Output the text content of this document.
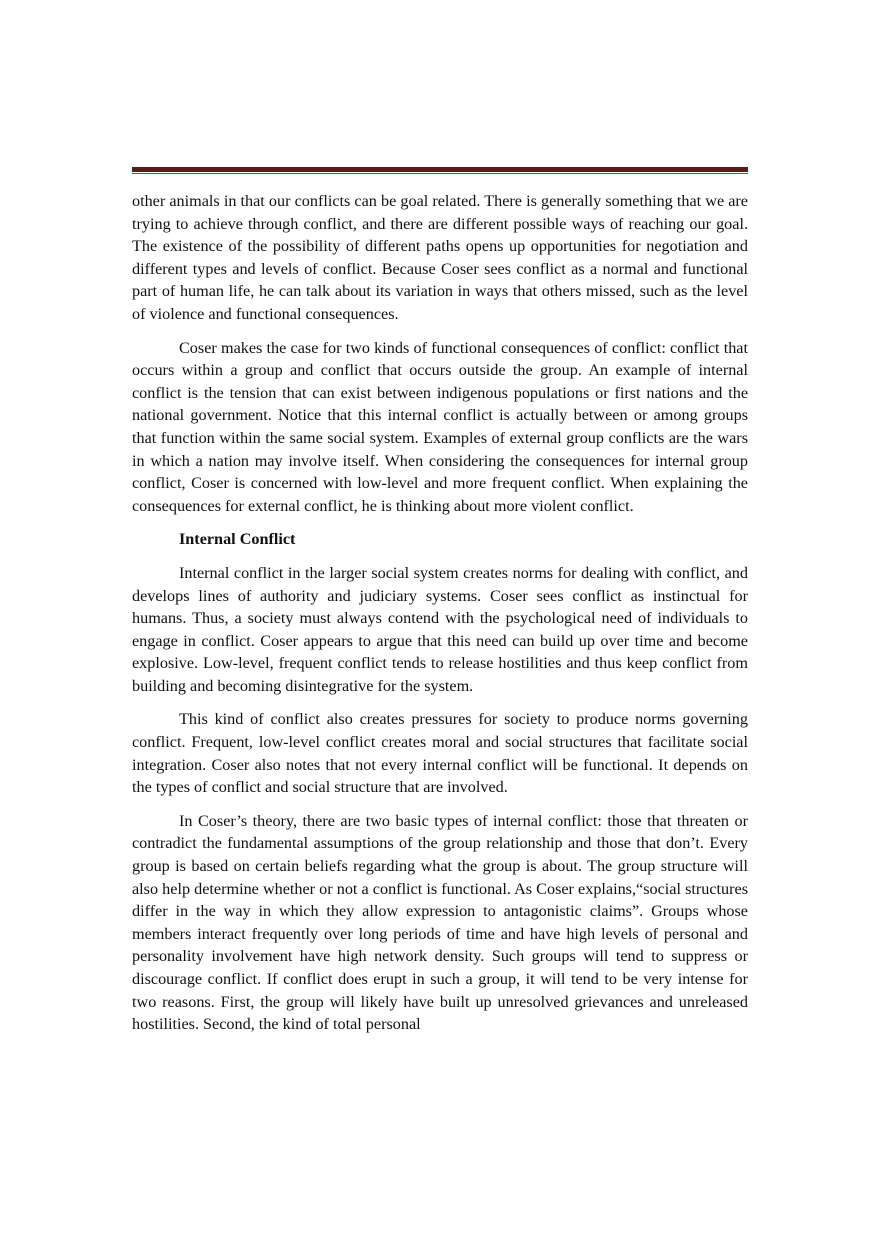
other animals in that our conflicts can be goal related. There is generally something that we are trying to achieve through conflict, and there are different possible ways of reaching our goal. The existence of the possibility of different paths opens up opportunities for negotiation and different types and levels of conflict. Because Coser sees conflict as a normal and functional part of human life, he can talk about its variation in ways that others missed, such as the level of violence and functional consequences.

Coser makes the case for two kinds of functional consequences of conflict: conflict that occurs within a group and conflict that occurs outside the group. An example of internal conflict is the tension that can exist between indigenous populations or first nations and the national government. Notice that this internal conflict is actually between or among groups that function within the same social system. Examples of external group conflicts are the wars in which a nation may involve itself. When considering the consequences for internal group conflict, Coser is concerned with low-level and more frequent conflict. When explaining the consequences for external conflict, he is thinking about more violent conflict.

Internal Conflict

Internal conflict in the larger social system creates norms for dealing with conflict, and develops lines of authority and judiciary systems. Coser sees conflict as instinctual for humans. Thus, a society must always contend with the psychological need of individuals to engage in conflict. Coser appears to argue that this need can build up over time and become explosive. Low-level, frequent conflict tends to release hostilities and thus keep conflict from building and becoming disintegrative for the system.

This kind of conflict also creates pressures for society to produce norms governing conflict. Frequent, low-level conflict creates moral and social structures that facilitate social integration. Coser also notes that not every internal conflict will be functional. It depends on the types of conflict and social structure that are involved.

In Coser’s theory, there are two basic types of internal conflict: those that threaten or contradict the fundamental assumptions of the group relationship and those that don’t. Every group is based on certain beliefs regarding what the group is about. The group structure will also help determine whether or not a conflict is functional. As Coser explains,“social structures differ in the way in which they allow expression to antagonistic claims”. Groups whose members interact frequently over long periods of time and have high levels of personal and personality involvement have high network density. Such groups will tend to suppress or discourage conflict. If conflict does erupt in such a group, it will tend to be very intense for two reasons. First, the group will likely have built up unresolved grievances and unreleased hostilities. Second, the kind of total personal
